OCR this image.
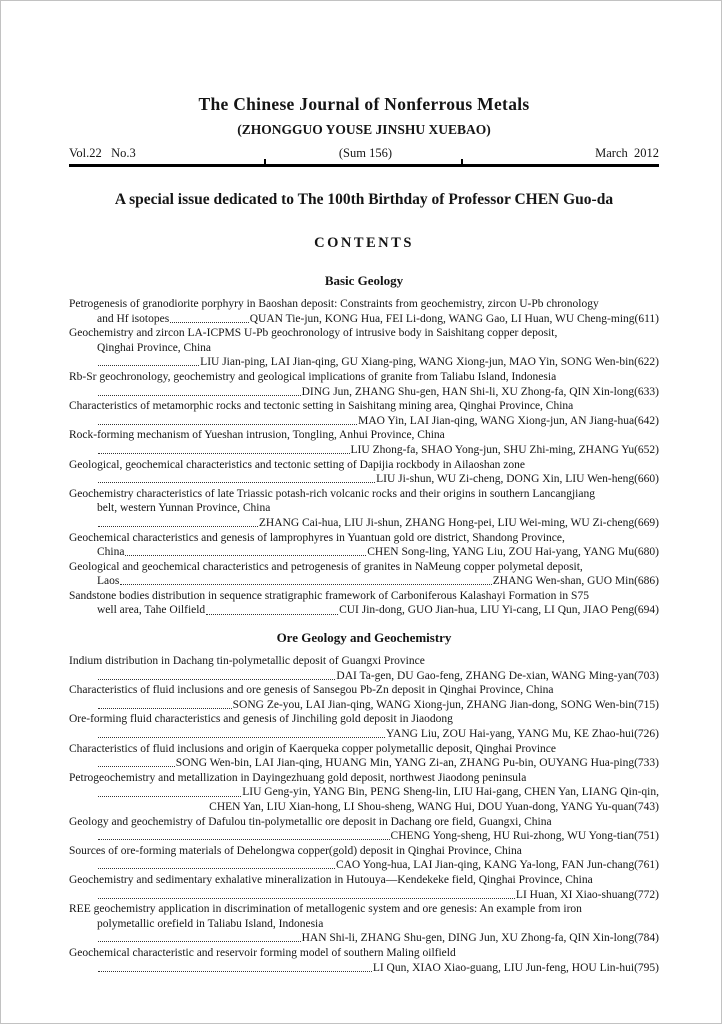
The Chinese Journal of Nonferrous Metals
(ZHONGGUO YOUSE JINSHU XUEBAO)
Vol.22   No.3	(Sum 156)	March  2012
A special issue dedicated to The 100th Birthday of Professor CHEN Guo-da
CONTENTS
Basic Geology
Petrogenesis of granodiorite porphyry in Baoshan deposit: Constraints from geochemistry, zircon U-Pb chronology
and Hf isotopes	QUAN Tie-jun, KONG Hua, FEI Li-dong, WANG Gao, LI Huan, WU Cheng-ming(611)
Geochemistry and zircon LA-ICPMS U-Pb geochronology of intrusive body in Saishitang copper deposit,
Qinghai Province, China
LIU Jian-ping, LAI Jian-qing, GU Xiang-ping, WANG Xiong-jun, MAO Yin, SONG Wen-bin(622)
Rb-Sr geochronology, geochemistry and geological implications of granite from Taliabu Island, Indonesia
DING Jun, ZHANG Shu-gen, HAN Shi-li, XU Zhong-fa, QIN Xin-long(633)
Characteristics of metamorphic rocks and tectonic setting in Saishitang mining area, Qinghai Province, China
MAO Yin, LAI Jian-qing, WANG Xiong-jun, AN Jiang-hua(642)
Rock-forming mechanism of Yueshan intrusion, Tongling, Anhui Province, China
LIU Zhong-fa, SHAO Yong-jun, SHU Zhi-ming, ZHANG Yu(652)
Geological, geochemical characteristics and tectonic setting of Dapijia rockbody in Ailaoshan zone
LIU Ji-shun, WU Zi-cheng, DONG Xin, LIU Wen-heng(660)
Geochemistry characteristics of late Triassic potash-rich volcanic rocks and their origins in southern Lancangjiang
belt, western Yunnan Province, China
ZHANG Cai-hua, LIU Ji-shun, ZHANG Hong-pei, LIU Wei-ming, WU Zi-cheng(669)
Geochemical characteristics and genesis of lamprophyres in Yuantuan gold ore district, Shandong Province,
China	CHEN Song-ling, YANG Liu, ZOU Hai-yang, YANG Mu(680)
Geological and geochemical characteristics and petrogenesis of granites in NaMeung copper polymetal deposit,
Laos	ZHANG Wen-shan, GUO Min(686)
Sandstone bodies distribution in sequence stratigraphic framework of Carboniferous Kalashayi Formation in S75
well area, Tahe Oilfield	CUI Jin-dong, GUO Jian-hua, LIU Yi-cang, LI Qun, JIAO Peng(694)
Ore Geology and Geochemistry
Indium distribution in Dachang tin-polymetallic deposit of Guangxi Province
DAI Ta-gen, DU Gao-feng, ZHANG De-xian, WANG Ming-yan(703)
Characteristics of fluid inclusions and ore genesis of Sansegou Pb-Zn deposit in Qinghai Province, China
SONG Ze-you, LAI Jian-qing, WANG Xiong-jun, ZHANG Jian-dong, SONG Wen-bin(715)
Ore-forming fluid characteristics and genesis of Jinchiling gold deposit in Jiaodong
YANG Liu, ZOU Hai-yang, YANG Mu, KE Zhao-hui(726)
Characteristics of fluid inclusions and origin of Kaerqueka copper polymetallic deposit, Qinghai Province
SONG Wen-bin, LAI Jian-qing, HUANG Min, YANG Zi-an, ZHANG Pu-bin, OUYANG Hua-ping(733)
Petrogeochemistry and metallization in Dayingezhuang gold deposit, northwest Jiaodong peninsula
LIU Geng-yin, YANG Bin, PENG Sheng-lin, LIU Hai-gang, CHEN Yan, LIANG Qin-qin,
CHEN Yan, LIU Xian-hong, LI Shou-sheng, WANG Hui, DOU Yuan-dong, YANG Yu-quan(743)
Geology and geochemistry of Dafulou tin-polymetallic ore deposit in Dachang ore field, Guangxi, China
CHENG Yong-sheng, HU Rui-zhong, WU Yong-tian(751)
Sources of ore-forming materials of Dehelongwa copper(gold) deposit in Qinghai Province, China
CAO Yong-hua, LAI Jian-qing, KANG Ya-long, FAN Jun-chang(761)
Geochemistry and sedimentary exhalative mineralization in Hutouya—Kendekeke field, Qinghai Province, China
LI Huan, XI Xiao-shuang(772)
REE geochemistry application in discrimination of metallogenic system and ore genesis: An example from iron
polymetallic orefield in Taliabu Island, Indonesia
HAN Shi-li, ZHANG Shu-gen, DING Jun, XU Zhong-fa, QIN Xin-long(784)
Geochemical characteristic and reservoir forming model of southern Maling oilfield
LI Qun, XIAO Xiao-guang, LIU Jun-feng, HOU Lin-hui(795)
